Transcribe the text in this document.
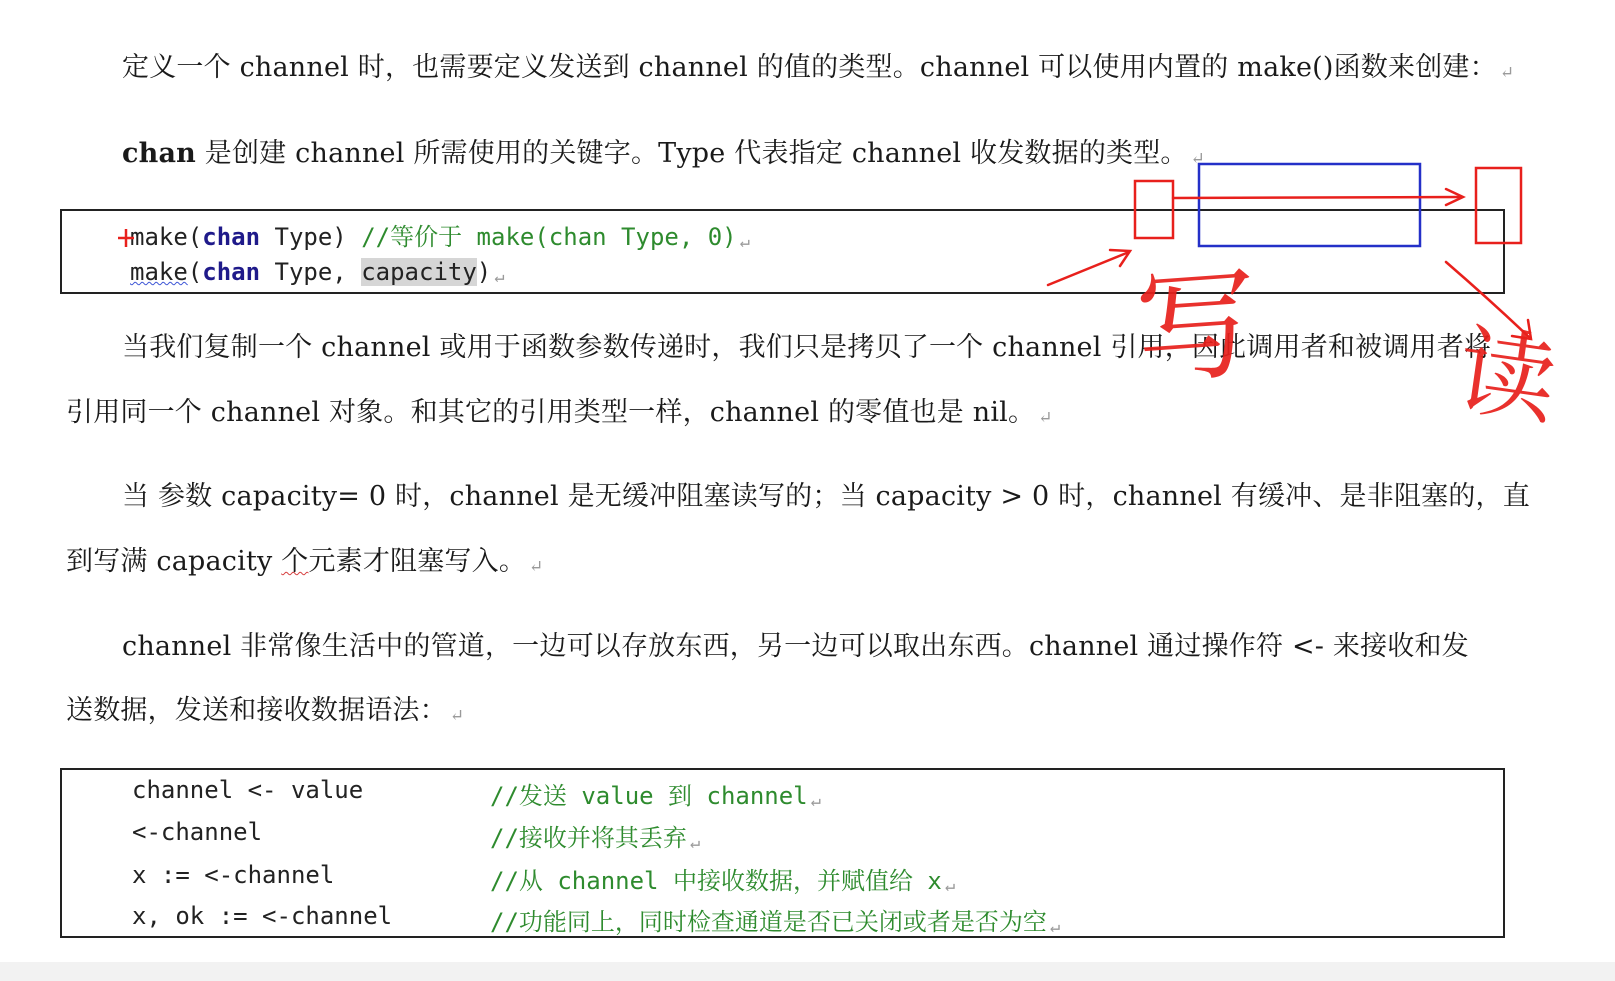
定义一个 channel 时，也需要定义发送到 channel 的值的类型。channel 可以使用内置的 make()函数来创建： ↵
chan 是创建 channel 所需使用的关键字。Type 代表指定 channel 收发数据的类型。 ↵
make(chan Type) //等价于 make(chan Type, 0) ↵
make(chan Type, capacity) ↵
当我们复制一个 channel 或用于函数参数传递时，我们只是拷贝了一个 channel 引用，因此调用者和被调用者将
引用同一个 channel 对象。和其它的引用类型一样，channel 的零值也是 nil。 ↵
当 参数 capacity= 0 时，channel 是无缓冲阻塞读写的；当 capacity > 0 时，channel 有缓冲、是非阻塞的，直
到写满 capacity 个元素才阻塞写入。 ↵
channel 非常像生活中的管道，一边可以存放东西，另一边可以取出东西。channel 通过操作符 <- 来接收和发
送数据，发送和接收数据语法： ↵
channel <- value	//发送 value 到 channel ↵
<-channel	//接收并将其丢弃 ↵
x := <-channel	//从 channel 中接收数据，并赋值给 x ↵
x, ok := <-channel	//功能同上，同时检查通道是否已关闭或者是否为空 ↵
写 读
